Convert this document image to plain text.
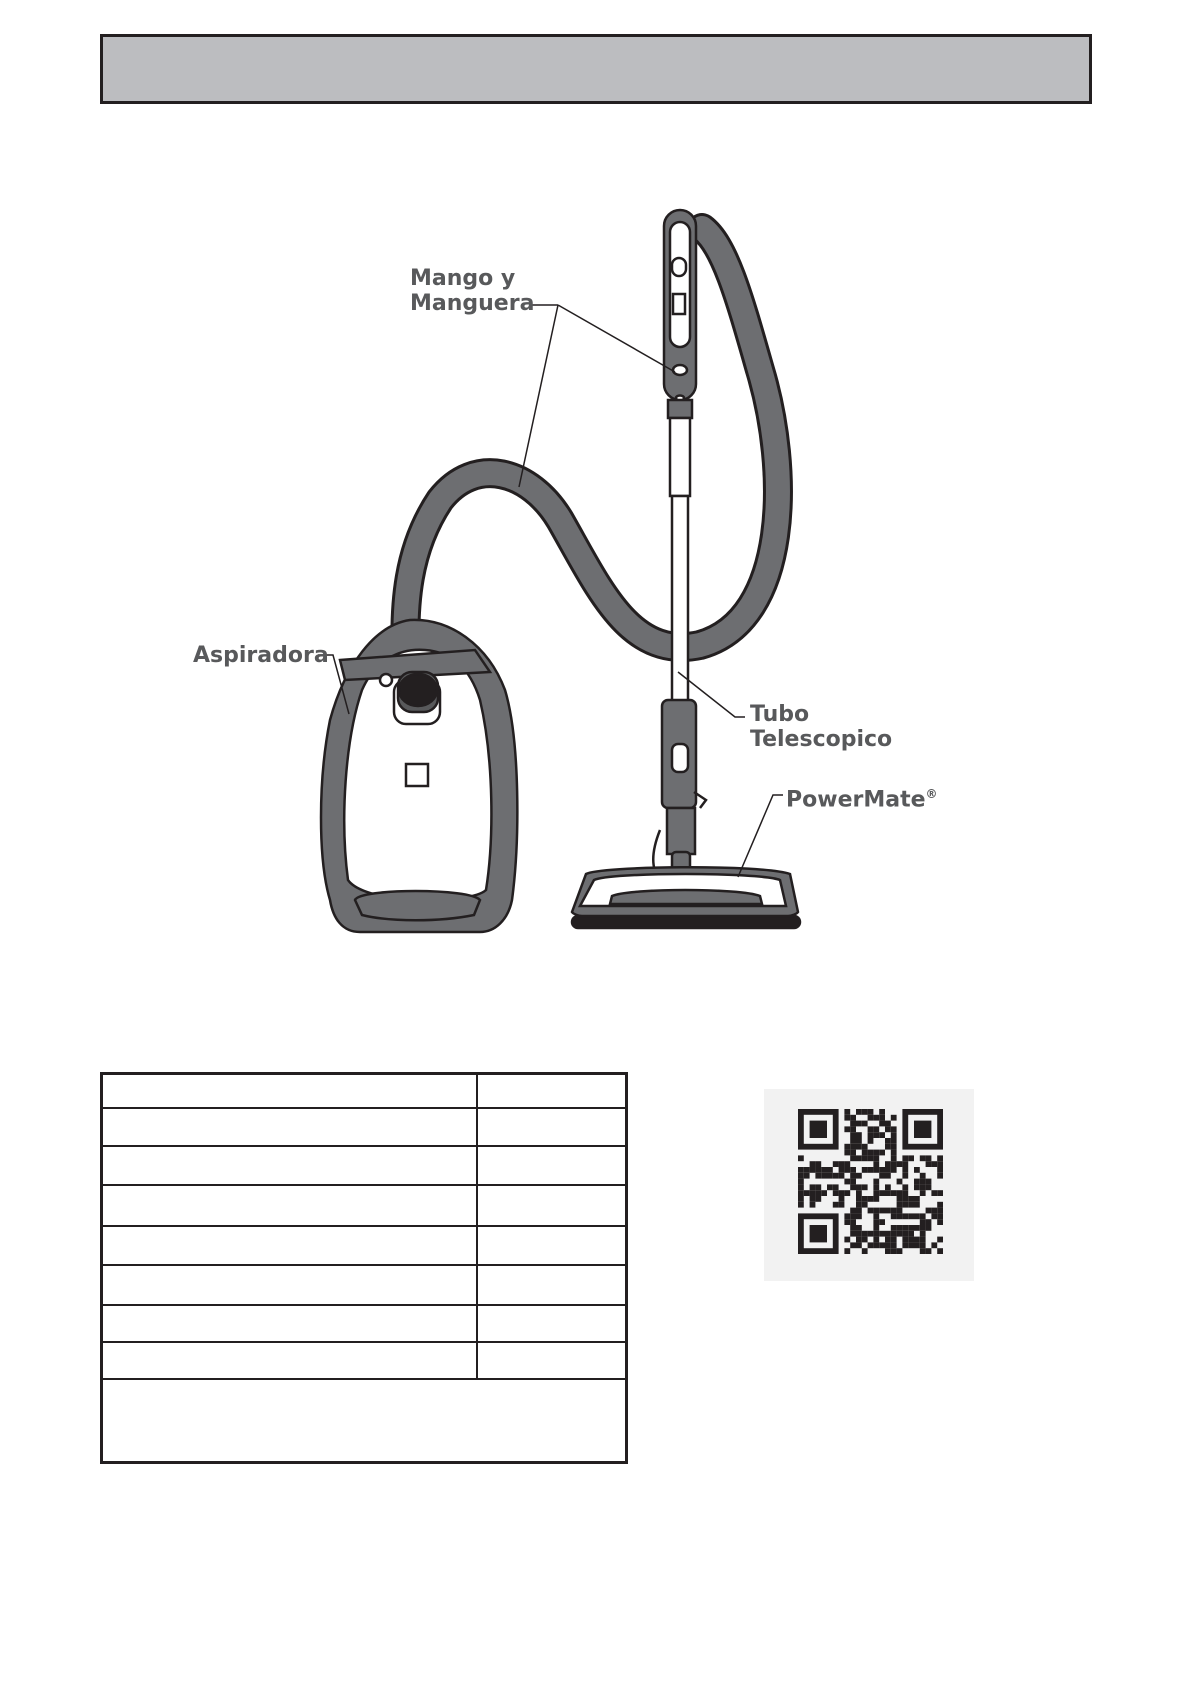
Mango y
Manguera
Aspiradora
Tubo
Telescopico
PowerMate®
